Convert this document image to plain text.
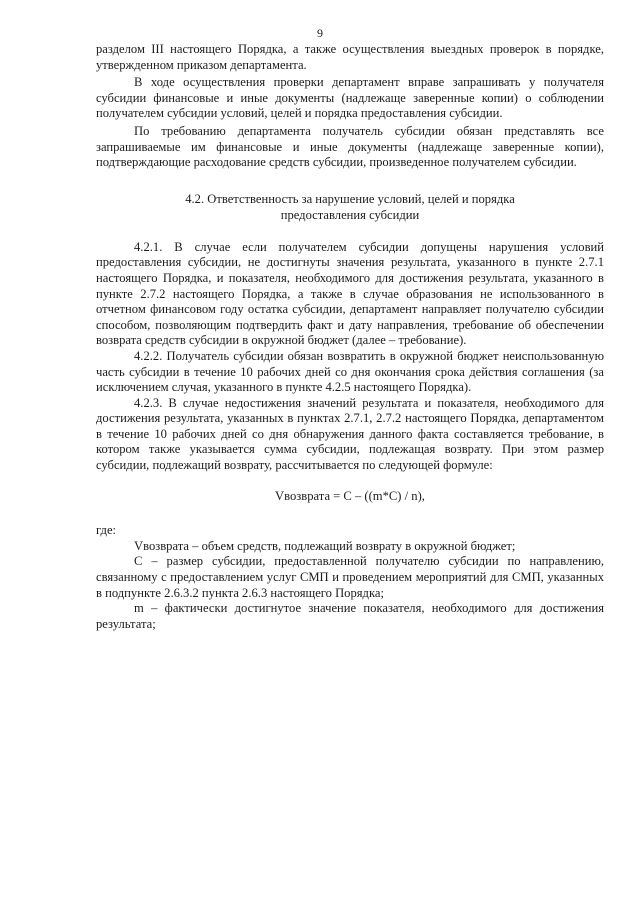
9

разделом III настоящего Порядка, а также осуществления выездных проверок в порядке, утвержденном приказом департамента.

В ходе осуществления проверки департамент вправе запрашивать у получателя субсидии финансовые и иные документы (надлежаще заверенные копии) о соблюдении получателем субсидии условий, целей и порядка предоставления субсидии.

По требованию департамента получатель субсидии обязан представлять все запрашиваемые им финансовые и иные документы (надлежаще заверенные копии), подтверждающие расходование средств субсидии, произведенное получателем субсидии.

4.2. Ответственность за нарушение условий, целей и порядка
предоставления субсидии

4.2.1. В случае если получателем субсидии допущены нарушения условий предоставления субсидии, не достигнуты значения результата, указанного в пункте 2.7.1 настоящего Порядка, и показателя, необходимого для достижения результата, указанного в пункте 2.7.2 настоящего Порядка, а также в случае образования не использованного в отчетном финансовом году остатка субсидии, департамент направляет получателю субсидии способом, позволяющим подтвердить факт и дату направления, требование об обеспечении возврата средств субсидии в окружной бюджет (далее – требование).

4.2.2. Получатель субсидии обязан возвратить в окружной бюджет неиспользованную часть субсидии в течение 10 рабочих дней со дня окончания срока действия соглашения (за исключением случая, указанного в пункте 4.2.5 настоящего Порядка).

4.2.3. В случае недостижения значений результата и показателя, необходимого для достижения результата, указанных в пунктах 2.7.1, 2.7.2 настоящего Порядка, департаментом в течение 10 рабочих дней со дня обнаружения данного факта составляется требование, в котором также указывается сумма субсидии, подлежащая возврату. При этом размер субсидии, подлежащий возврату, рассчитывается по следующей формуле:

Vвозврата = C – ((m*C) / n),

где:

Vвозврата – объем средств, подлежащий возврату в окружной бюджет;

C – размер субсидии, предоставленной получателю субсидии по направлению, связанному с предоставлением услуг СМП и проведением мероприятий для СМП, указанных в подпункте 2.6.3.2 пункта 2.6.3 настоящего Порядка;

m – фактически достигнутое значение показателя, необходимого для достижения результата;
